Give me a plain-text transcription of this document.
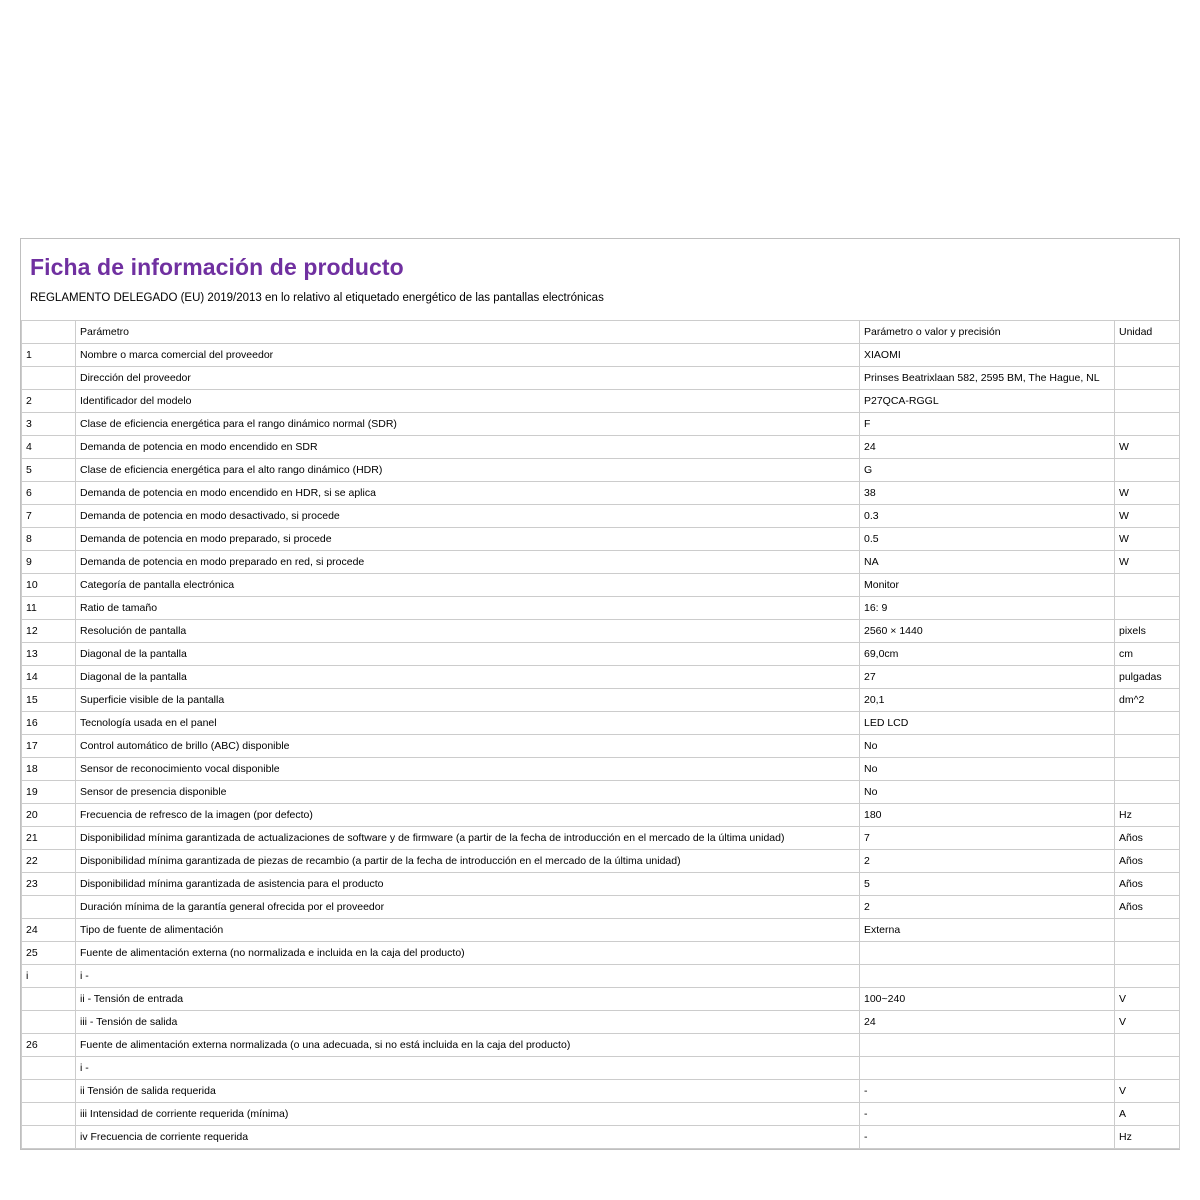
Ficha de información de producto
REGLAMENTO DELEGADO (EU) 2019/2013 en lo relativo al etiquetado energético de las pantallas electrónicas
	Parámetro	Parámetro o valor y precisión	Unidad
1	Nombre o marca comercial del proveedor	XIAOMI	
	Dirección del proveedor	Prinses Beatrixlaan 582, 2595 BM, The Hague, NL	
2	Identificador del modelo	P27QCA-RGGL	
3	Clase de eficiencia energética para el rango dinámico normal (SDR)	F	
4	Demanda de potencia en modo encendido en SDR	24	W
5	Clase de eficiencia energética para el alto rango dinámico (HDR)	G	
6	Demanda de potencia en modo encendido en HDR, si se aplica	38	W
7	Demanda de potencia en modo desactivado, si procede	0.3	W
8	Demanda de potencia en modo preparado, si procede	0.5	W
9	Demanda de potencia en modo preparado en red, si procede	NA	W
10	Categoría de pantalla electrónica	Monitor	
11	Ratio de tamaño	16: 9	
12	Resolución de pantalla	2560 × 1440	pixels
13	Diagonal de la pantalla	69,0cm	cm
14	Diagonal de la pantalla	27	pulgadas
15	Superficie visible de la pantalla	20,1	dm^2
16	Tecnología usada en el panel	LED LCD	
17	Control automático de brillo (ABC) disponible	No	
18	Sensor de reconocimiento vocal disponible	No	
19	Sensor de presencia disponible	No	
20	Frecuencia de refresco de la imagen (por defecto)	180	Hz
21	Disponibilidad mínima garantizada de actualizaciones de software y de firmware (a partir de la fecha de introducción en el mercado de la última unidad)	7	Años
22	Disponibilidad mínima garantizada de piezas de recambio (a partir de la fecha de introducción en el mercado de la última unidad)	2	Años
23	Disponibilidad mínima garantizada de asistencia para el producto	5	Años
	Duración mínima de la garantía general ofrecida por el proveedor	2	Años
24	Tipo de fuente de alimentación	Externa	
25	Fuente de alimentación externa (no normalizada e incluida en la caja del producto)		
i	i -		
	ii - Tensión de entrada	100~240	V
	iii - Tensión de salida	24	V
26	Fuente de alimentación externa normalizada (o una adecuada, si no está incluida en la caja del producto)		
	i -		
	ii Tensión de salida requerida	-	V
	iii Intensidad de corriente requerida (mínima)	-	A
	iv Frecuencia de corriente requerida	-	Hz
